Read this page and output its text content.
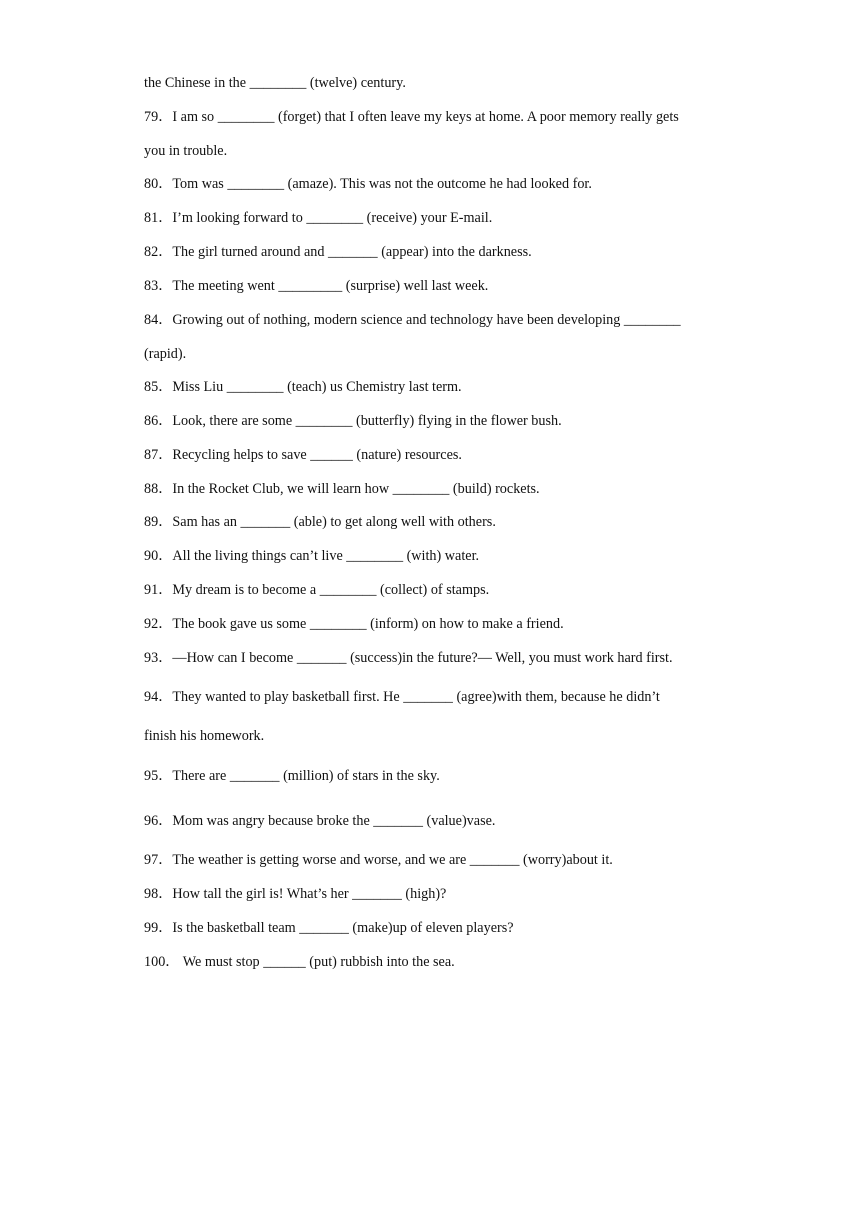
the Chinese in the ________ (twelve) century.
79．I am so ________ (forget) that I often leave my keys at home. A poor memory really gets
you in trouble.
80．Tom was ________ (amaze). This was not the outcome he had looked for.
81．I’m looking forward to ________ (receive) your E-mail.
82．The girl turned around and _______ (appear) into the darkness.
83．The meeting went _________ (surprise) well last week.
84．Growing out of nothing, modern science and technology have been developing ________
(rapid).
85．Miss Liu ________ (teach) us Chemistry last term.
86．Look, there are some ________ (butterfly) flying in the flower bush.
87．Recycling helps to save ______ (nature) resources.
88．In the Rocket Club, we will learn how ________ (build) rockets.
89．Sam has an _______ (able) to get along well with others.
90．All the living things can’t live ________ (with) water.
91．My dream is to become a ________ (collect) of stamps.
92．The book gave us some ________ (inform) on how to make a friend.
93．—How can I become _______ (success)in the future?— Well, you must work hard first.
94．They wanted to play basketball first. He _______ (agree)with them, because he didn’t
finish his homework.
95．There are _______ (million) of stars in the sky.
96．Mom was angry because broke the _______ (value)vase.
97．The weather is getting worse and worse, and we are _______ (worry)about it.
98．How tall the girl is! What’s her _______ (high)?
99．Is the basketball team _______ (make)up of eleven players?
100． We must stop ______ (put) rubbish into the sea.
